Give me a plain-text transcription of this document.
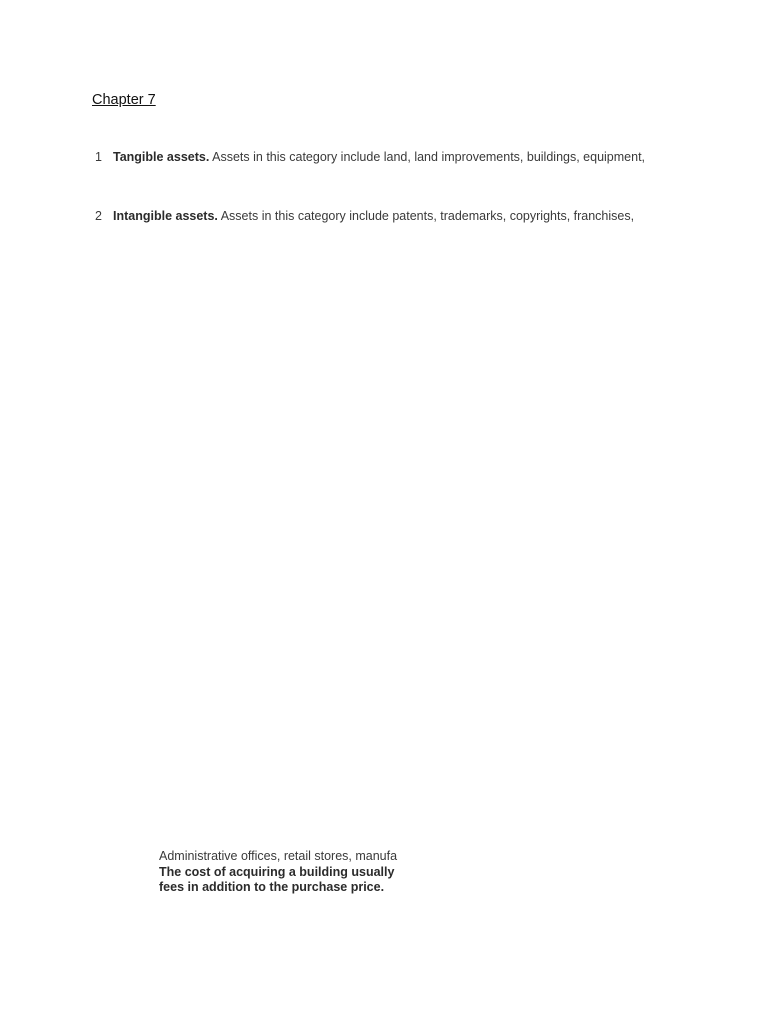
Chapter 7
1 Tangible assets. Assets in this category include land, land improvements, buildings, equipment,
2 Intangible assets. Assets in this category include patents, trademarks, copyrights, franchises,
Administrative offices, retail stores, manufa
The cost of acquiring a building usually
fees in addition to the purchase price.
